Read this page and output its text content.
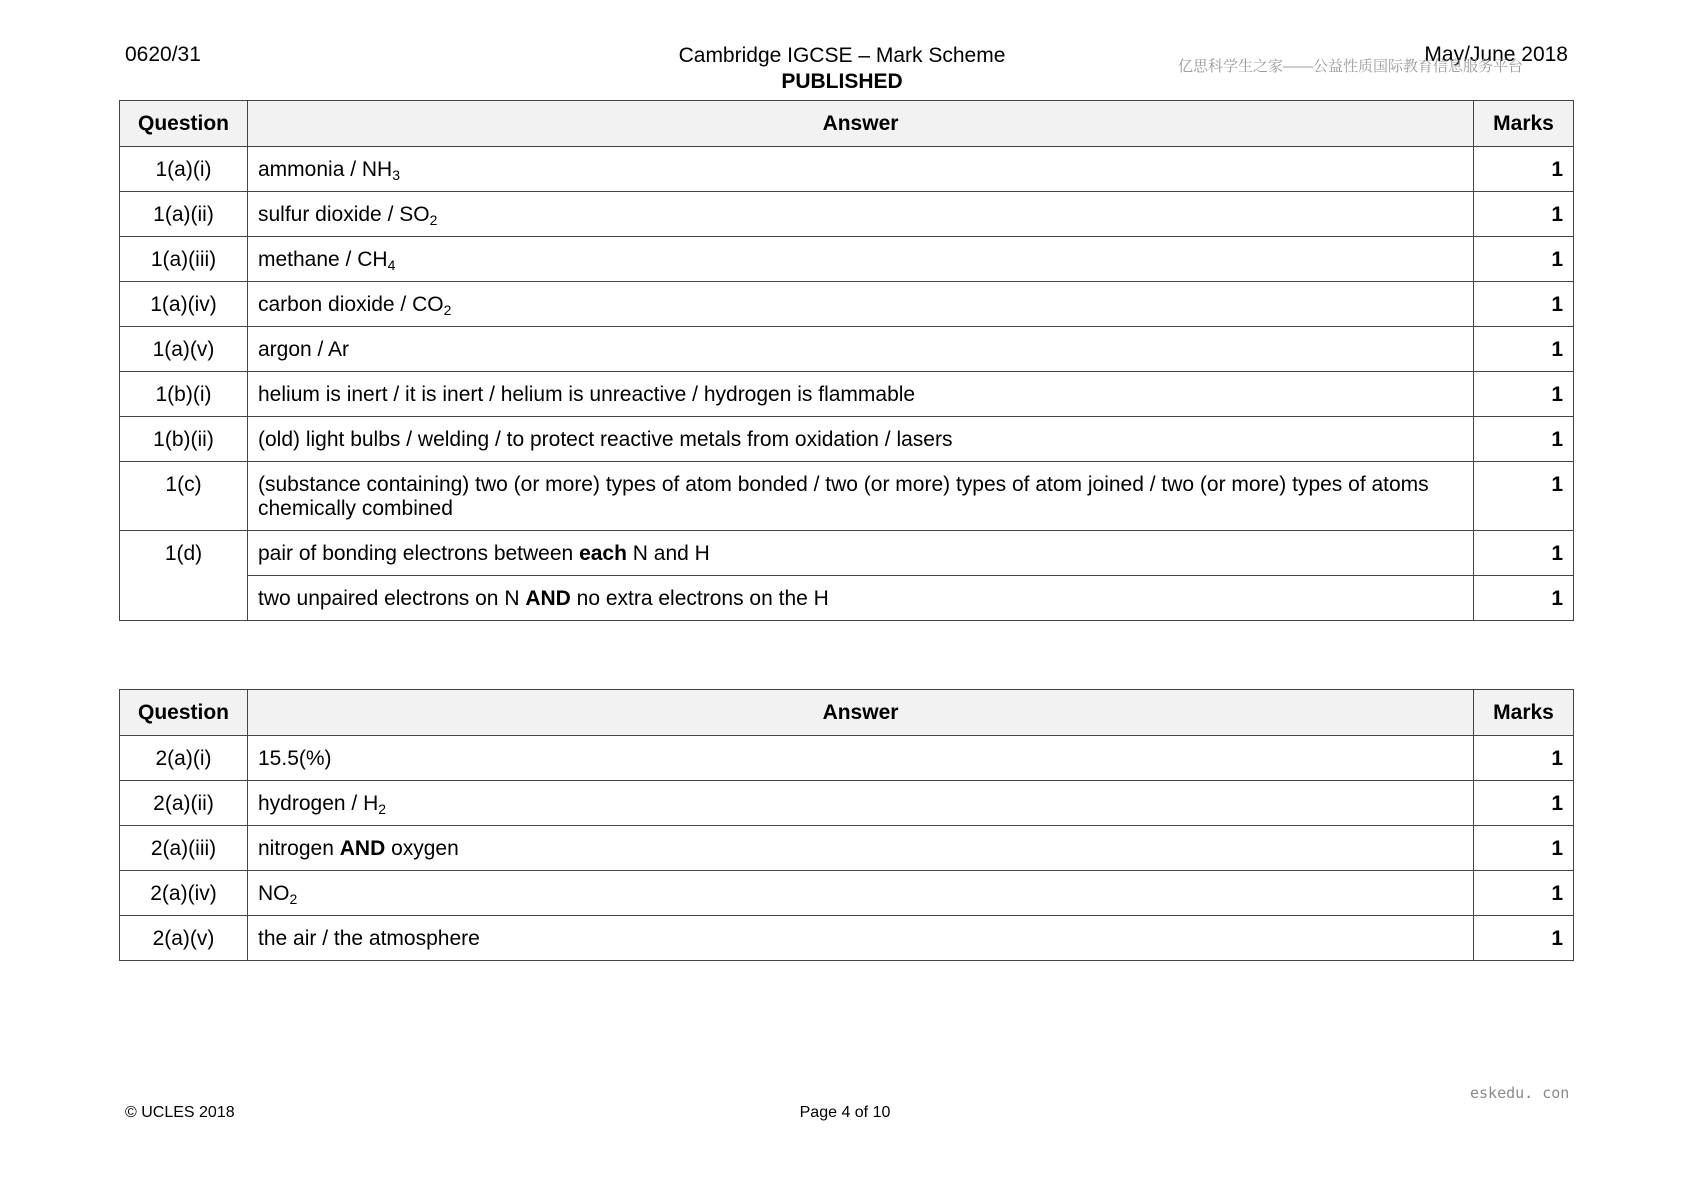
0620/31	Cambridge IGCSE – Mark Scheme
PUBLISHED
May/June 2018
亿思科学生之家——公益性质国际教育信息服务平台
Question	Answer	Marks
1(a)(i)	ammonia / $NH_3$	1
1(a)(ii)	sulfur dioxide / $SO_2$	1
1(a)(iii)	methane / $CH_4$	1
1(a)(iv)	carbon dioxide / $CO_2$	1
1(a)(v)	argon / Ar	1
1(b)(i)	helium is inert / it is inert / helium is unreactive / hydrogen is flammable	1
1(b)(ii)	(old) light bulbs / welding / to protect reactive metals from oxidation / lasers	1
1(c)	(substance containing) two (or more) types of atom bonded / two (or more) types of atom joined / two (or more) types of atoms chemically combined	1
1(d)	pair of bonding electrons between each N and H	1
	two unpaired electrons on N AND no extra electrons on the H	1
Question	Answer	Marks
2(a)(i)	15.5(%)	1
2(a)(ii)	hydrogen / $H_2$	1
2(a)(iii)	nitrogen AND oxygen	1
2(a)(iv)	$NO_2$	1
2(a)(v)	the air / the atmosphere	1
eskedu. con
© UCLES 2018	Page 4 of 10
